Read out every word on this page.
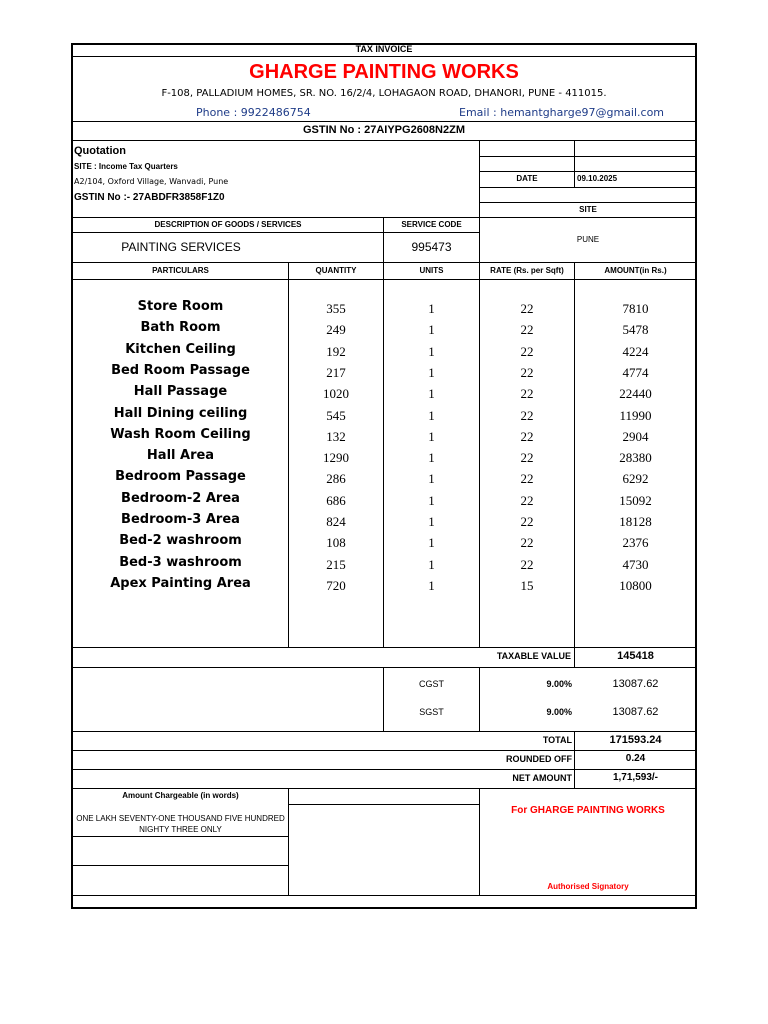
TAX INVOICE
GHARGE PAINTING WORKS
F-108, PALLADIUM HOMES, SR. NO. 16/2/4, LOHAGAON ROAD, DHANORI, PUNE - 411015.
Phone : 9922486754	Email : hemantgharge97@gmail.com
GSTIN No : 27AIYPG2608N2ZM
Quotation
SITE : Income Tax Quarters
A2/104, Oxford Village, Wanvadi, Pune
GSTIN No :- 27ABDFR3858F1Z0
DATE	09.10.2025
SITE
DESCRIPTION OF GOODS / SERVICES	SERVICE CODE
PAINTING SERVICES	995473
PUNE
PARTICULARS	QUANTITY	UNITS	RATE (Rs. per Sqft)	AMOUNT(in Rs.)
Store Room	355	1	22	7810
Bath Room	249	1	22	5478
Kitchen Ceiling	192	1	22	4224
Bed Room Passage	217	1	22	4774
Hall Passage	1020	1	22	22440
Hall Dining ceiling	545	1	22	11990
Wash Room Ceiling	132	1	22	2904
Hall Area	1290	1	22	28380
Bedroom Passage	286	1	22	6292
Bedroom-2 Area	686	1	22	15092
Bedroom-3 Area	824	1	22	18128
Bed-2 washroom	108	1	22	2376
Bed-3 washroom	215	1	22	4730
Apex Painting Area	720	1	15	10800
TAXABLE VALUE	145418
CGST	9.00%	13087.62
SGST	9.00%	13087.62
TOTAL	171593.24
ROUNDED OFF	0.24
NET AMOUNT	1,71,593/-
Amount Chargeable (in words)
ONE LAKH SEVENTY-ONE THOUSAND FIVE HUNDRED
NIGHTY THREE ONLY
For GHARGE PAINTING WORKS
Authorised Signatory
